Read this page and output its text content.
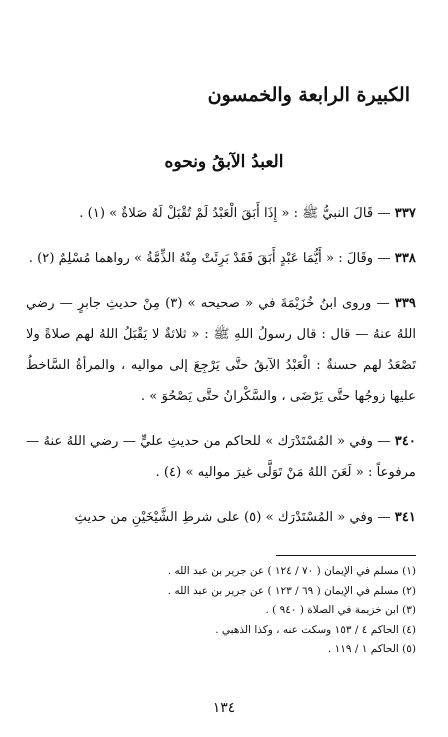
الكبيرة الرابعة والخمسون
العبدُ الآبقُ ونحوه

٣٣٧ — قَالَ النبيُّ ﷺ : « إِذَا أَبَقَ الْعَبْدُ لَمْ تُقْبَلْ لَهُ صَلاةٌ » (١) .

٣٣٨ — وقَالَ : « أَيُّمَا عَبْدٍ أَبَقَ فَقَدْ بَرِئَتْ مِنْهُ الذِّمَّةُ » رواهما مُسْلِمٌ (٢) .

٣٣٩ — وروى ابنُ خُزَيْمَةَ في « صحيحه » (٣) مِنْ حديثِ جابرٍ — رضي اللهُ عنهُ — قال : قال رسولُ اللهِ ﷺ : « ثلاثةٌ لا يَقْبَلُ اللهُ لهم صلاةً ولا تَصْعَدُ لهم حسنةٌ : الْعَبْدُ الآبقُ حتَّى يَرْجِعَ إلى مواليه ، والمرأةُ السَّاخطُ عليها زوجُها حتَّى يَرْضَى ، والسَّكْرانُ حتَّى يَصْحُوَ » .

٣٤٠ — وفي « المُسْتَدْرَك » للحاكم من حديثِ عليٍّ — رضي اللهُ عنهُ — مرفوعاً : « لَعَنَ اللهُ مَنْ تَوَلَّى غيرَ مواليه » (٤) .

٣٤١ — وفي « المُسْتَدْرَك » (٥) على شرطِ الشَّيْخَيْنِ من حديثِ

(١) مسلم في الإيمان ( ٧٠ / ١٢٤ ) عن جرير بن عبد الله .

(٢) مسلم في الإيمان ( ٦٩ / ١٢٣ ) عن جرير بن عبد الله .

(٣) ابن خزيمة في الصلاة ( ٩٤٠ ) .

(٤) الحاكم ٤ / ١٥٣ وسكت عنه ، وكذا الذهبي .

(٥) الحاكم ١ / ١١٩ .

١٣٤
